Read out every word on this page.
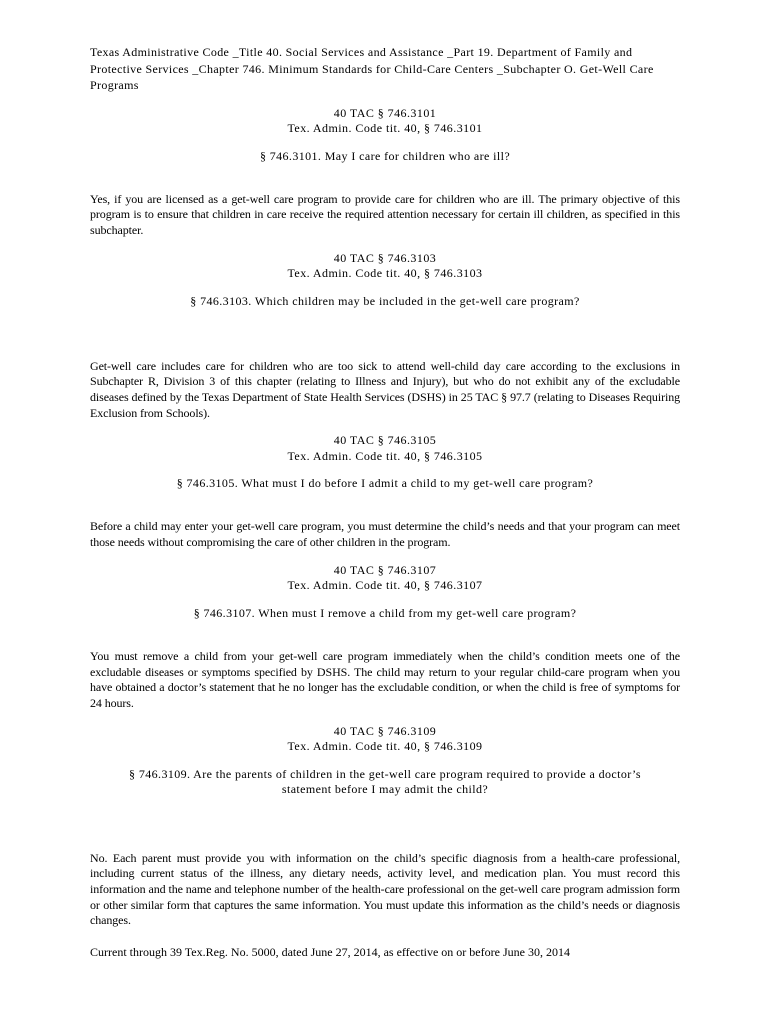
Texas Administrative Code _Title 40. Social Services and Assistance _Part 19. Department of Family and Protective Services _Chapter 746. Minimum Standards for Child-Care Centers _Subchapter O. Get-Well Care Programs
40 TAC § 746.3101
Tex. Admin. Code tit. 40, § 746.3101
§ 746.3101. May I care for children who are ill?

Yes, if you are licensed as a get-well care program to provide care for children who are ill. The primary objective of this program is to ensure that children in care receive the required attention necessary for certain ill children, as specified in this subchapter.

40 TAC § 746.3103
Tex. Admin. Code tit. 40, § 746.3103
§ 746.3103. Which children may be included in the get-well care program?

Get-well care includes care for children who are too sick to attend well-child day care according to the exclusions in Subchapter R, Division 3 of this chapter (relating to Illness and Injury), but who do not exhibit any of the excludable diseases defined by the Texas Department of State Health Services (DSHS) in 25 TAC § 97.7 (relating to Diseases Requiring Exclusion from Schools).

40 TAC § 746.3105
Tex. Admin. Code tit. 40, § 746.3105
§ 746.3105. What must I do before I admit a child to my get-well care program?

Before a child may enter your get-well care program, you must determine the child’s needs and that your program can meet those needs without compromising the care of other children in the program.

40 TAC § 746.3107
Tex. Admin. Code tit. 40, § 746.3107
§ 746.3107. When must I remove a child from my get-well care program?

You must remove a child from your get-well care program immediately when the child’s condition meets one of the excludable diseases or symptoms specified by DSHS. The child may return to your regular child-care program when you have obtained a doctor’s statement that he no longer has the excludable condition, or when the child is free of symptoms for 24 hours.

40 TAC § 746.3109
Tex. Admin. Code tit. 40, § 746.3109
§ 746.3109. Are the parents of children in the get-well care program required to provide a doctor’s statement before I may admit the child?

No. Each parent must provide you with information on the child’s specific diagnosis from a health-care professional, including current status of the illness, any dietary needs, activity level, and medication plan. You must record this information and the name and telephone number of the health-care professional on the get-well care program admission form or other similar form that captures the same information. You must update this information as the child’s needs or diagnosis changes.

Current through 39 Tex.Reg. No. 5000, dated June 27, 2014, as effective on or before June 30, 2014
